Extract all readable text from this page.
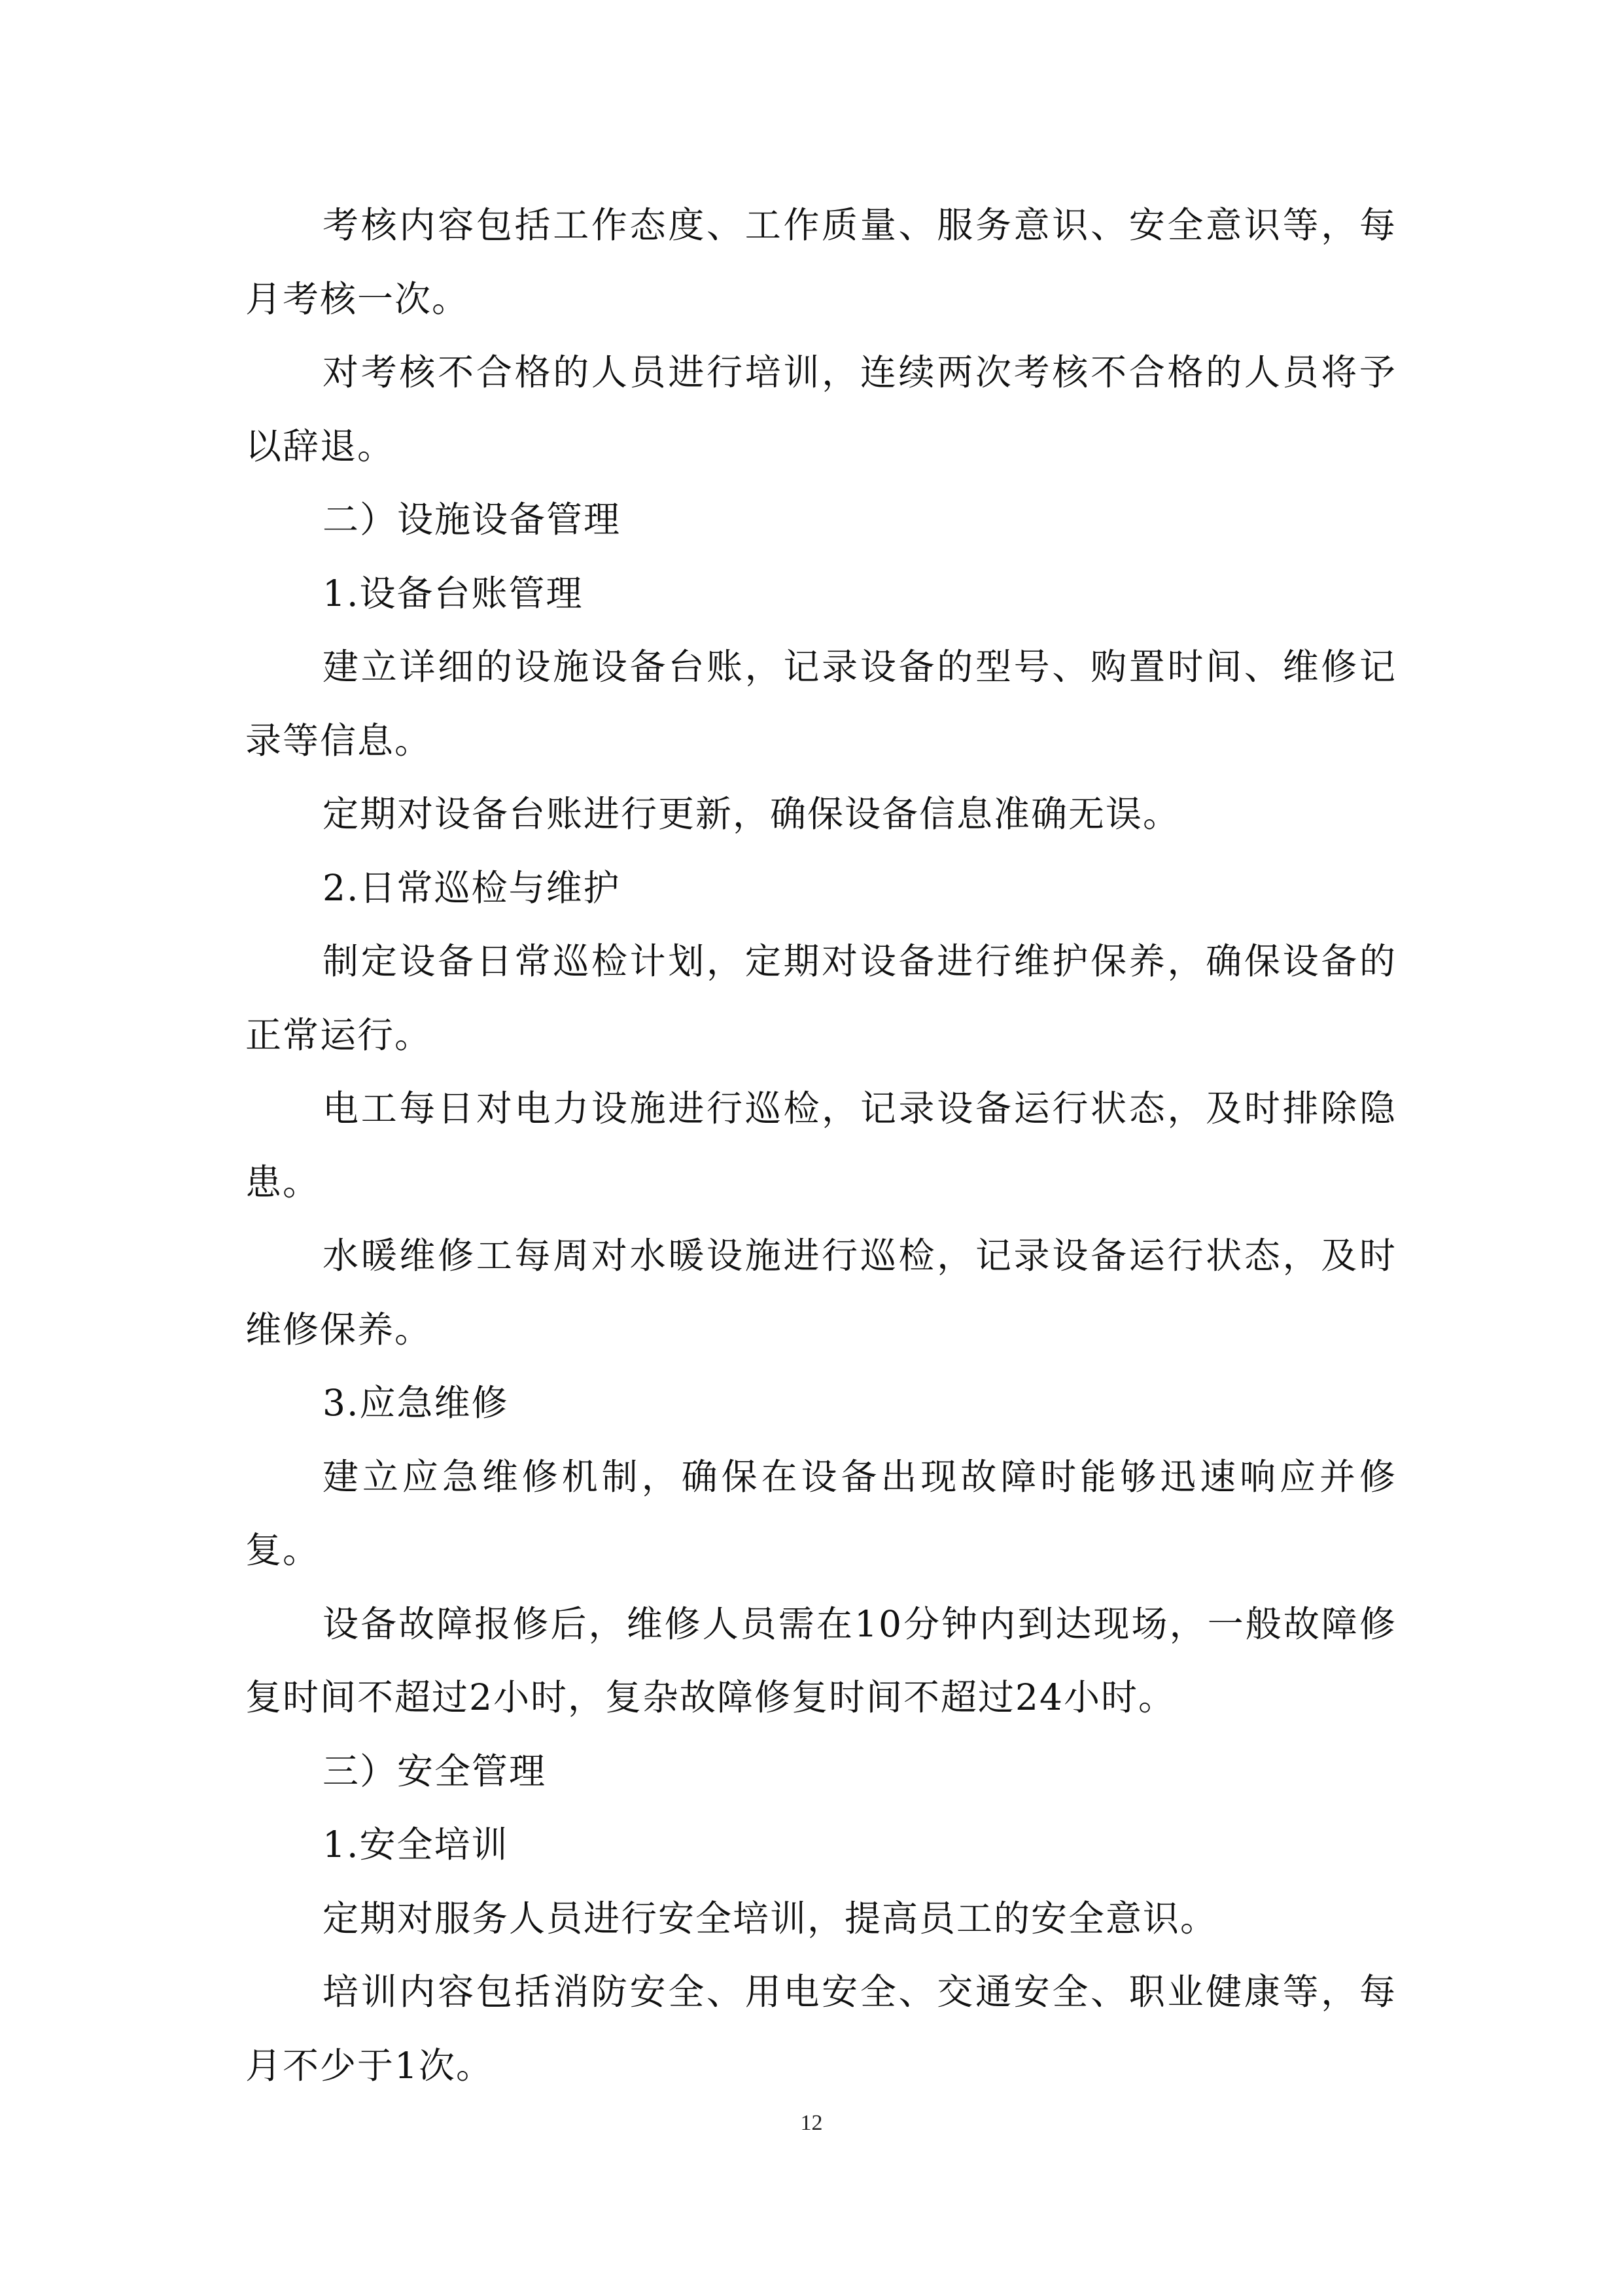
考核内容包括工作态度、工作质量、服务意识、安全意识等，每月考核一次。

对考核不合格的人员进行培训，连续两次考核不合格的人员将予以辞退。

二）设施设备管理

1.设备台账管理

建立详细的设施设备台账，记录设备的型号、购置时间、维修记录等信息。

定期对设备台账进行更新，确保设备信息准确无误。

2.日常巡检与维护

制定设备日常巡检计划，定期对设备进行维护保养，确保设备的正常运行。

电工每日对电力设施进行巡检，记录设备运行状态，及时排除隐患。

水暖维修工每周对水暖设施进行巡检，记录设备运行状态，及时维修保养。

3.应急维修

建立应急维修机制，确保在设备出现故障时能够迅速响应并修复。

设备故障报修后，维修人员需在10分钟内到达现场，一般故障修复时间不超过2小时，复杂故障修复时间不超过24小时。

三）安全管理

1.安全培训

定期对服务人员进行安全培训，提高员工的安全意识。

培训内容包括消防安全、用电安全、交通安全、职业健康等，每月不少于1次。

12
